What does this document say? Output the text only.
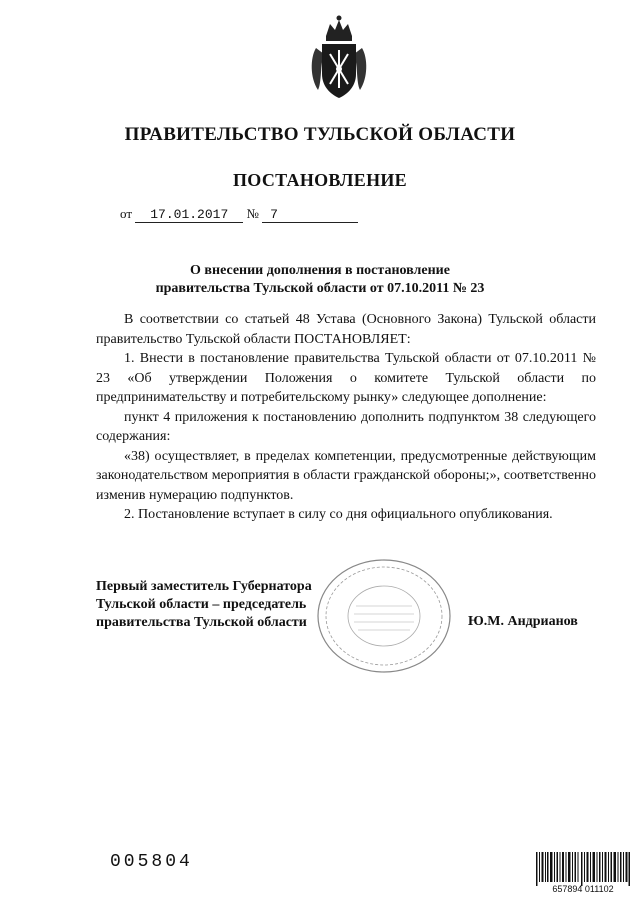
ПРАВИТЕЛЬСТВО ТУЛЬСКОЙ ОБЛАСТИ
ПОСТАНОВЛЕНИЕ
от 17.01.2017 № 7
О внесении дополнения в постановление
правительства Тульской области от 07.10.2011 № 23

В соответствии со статьей 48 Устава (Основного Закона) Тульской области правительство Тульской области ПОСТАНОВЛЯЕТ:

1. Внести в постановление правительства Тульской области от 07.10.2011 № 23 «Об утверждении Положения о комитете Тульской области по предпринимательству и потребительскому рынку» следующее дополнение:

пункт 4 приложения к постановлению дополнить подпунктом 38 следующего содержания:

«38) осуществляет, в пределах компетенции, предусмотренные действующим законодательством мероприятия в области гражданской обороны;», соответственно изменив нумерацию подпунктов.

2. Постановление вступает в силу со дня официального опубликования.

Первый заместитель Губернатора
Тульской области – председатель
правительства Тульской области	Ю.М. Андрианов
005804
657894 011102
